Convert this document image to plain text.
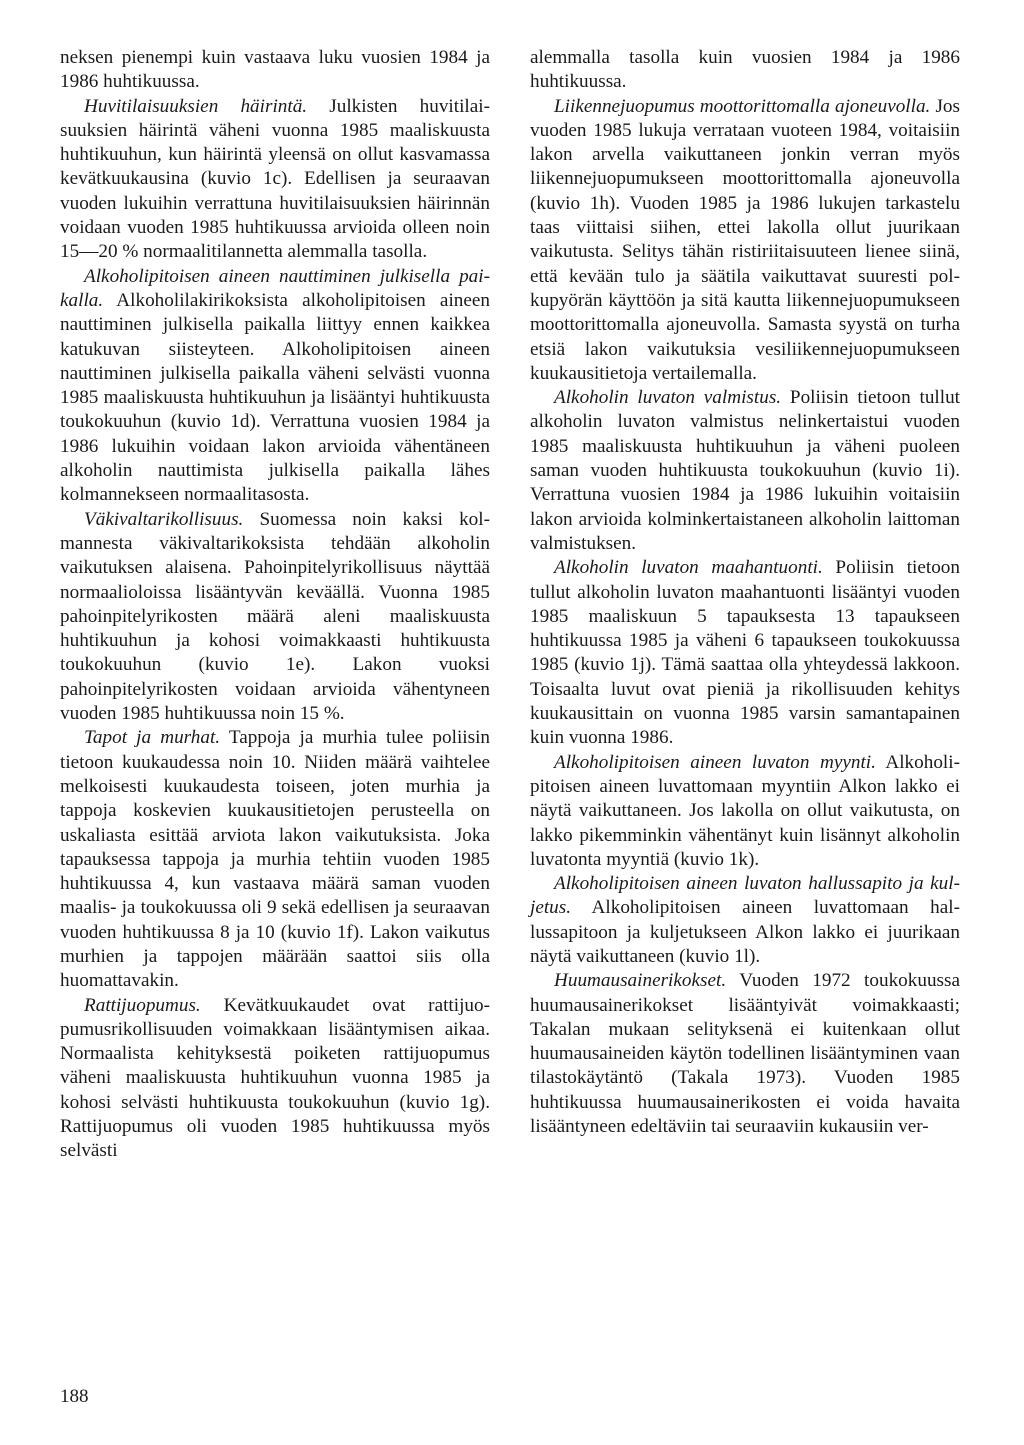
neksen pienempi kuin vastaava luku vuosien 1984 ja 1986 huhtikuussa.

Huvitilaisuuksien häirintä. Julkisten huvitilaisuuksien häirintä väheni vuonna 1985 maaliskuusta huhtikuuhun, kun häirintä yleensä on ollut kasvamassa kevätkuukausina (kuvio 1c). Edellisen ja seuraavan vuoden lukuihin verrattuna huvitilaisuuksien häirinnän voidaan vuoden 1985 huhtikuussa arvioida olleen noin 15—20 % normaalitilannetta alemmalla tasolla.

Alkoholipitoisen aineen nauttiminen julkisella paikalla. Alkoholilakirikoksista alkoholipitoisen aineen nauttiminen julkisella paikalla liittyy ennen kaikkea katukuvan siisteyteen. Alkoholipitoisen aineen nauttiminen julkisella paikalla väheni selvästi vuonna 1985 maaliskuusta huhtikuuhun ja lisääntyi huhtikuusta toukokuuhun (kuvio 1d). Verrattuna vuosien 1984 ja 1986 lukuihin voidaan lakon arvioida vähentäneen alkoholin nauttimista julkisella paikalla lähes kolmannekseen normaalitasosta.

Väkivaltarikollisuus. Suomessa noin kaksi kolmannesta väkivaltarikoksista tehdään alkoholin vaikutuksen alaisena. Pahoinpitelyrikollisuus näyttää normaalioloissa lisääntyvän keväällä. Vuonna 1985 pahoinpitelyrikosten määrä aleni maaliskuusta huhtikuuhun ja kohosi voimakkaasti huhtikuusta toukokuuhun (kuvio 1e). Lakon vuoksi pahoinpitelyrikosten voidaan arvioida vähentyneen vuoden 1985 huhtikuussa noin 15 %.

Tapot ja murhat. Tappoja ja murhia tulee poliisin tietoon kuukaudessa noin 10. Niiden määrä vaihtelee melkoisesti kuukaudesta toiseen, joten murhia ja tappoja koskevien kuukausitietojen perusteella on uskaliasta esittää arviota lakon vaikutuksista. Joka tapauksessa tappoja ja murhia tehtiin vuoden 1985 huhtikuussa 4, kun vastaava määrä saman vuoden maalis- ja toukokuussa oli 9 sekä edellisen ja seuraavan vuoden huhtikuussa 8 ja 10 (kuvio 1f). Lakon vaikutus murhien ja tappojen määrään saattoi siis olla huomattavakin.

Rattijuopumus. Kevätkuukaudet ovat rattijuopumusrikollisuuden voimakkaan lisääntymisen aikaa. Normaalista kehityksestä poiketen rattijuopumus väheni maaliskuusta huhtikuuhun vuonna 1985 ja kohosi selvästi huhtikuusta toukokuuhun (kuvio 1g). Rattijuopumus oli vuoden 1985 huhtikuussa myös selvästi

alemmalla tasolla kuin vuosien 1984 ja 1986 huhtikuussa.

Liikennejuopumus moottorittomalla ajoneuvolla. Jos vuoden 1985 lukuja verrataan vuoteen 1984, voitaisiin lakon arvella vaikuttaneen jonkin verran myös liikennejuopumukseen moottorittomalla ajoneuvolla (kuvio 1h). Vuoden 1985 ja 1986 lukujen tarkastelu taas viittaisi siihen, ettei lakolla ollut juurikaan vaikutusta. Selitys tähän ristiriitaisuuteen lienee siinä, että kevään tulo ja säätila vaikuttavat suuresti polkupyörän käyttöön ja sitä kautta liikennejuopumukseen moottorittomalla ajoneuvolla. Samasta syystä on turha etsiä lakon vaikutuksia vesiliikennejuopumukseen kuukausitietoja vertailemalla.

Alkoholin luvaton valmistus. Poliisin tietoon tullut alkoholin luvaton valmistus nelinkertaistui vuoden 1985 maaliskuusta huhtikuuhun ja väheni puoleen saman vuoden huhtikuusta toukokuuhun (kuvio 1i). Verrattuna vuosien 1984 ja 1986 lukuihin voitaisiin lakon arvioida kolminkertaistaneen alkoholin laittoman valmistuksen.

Alkoholin luvaton maahantuonti. Poliisin tietoon tullut alkoholin luvaton maahantuonti lisääntyi vuoden 1985 maaliskuun 5 tapauksesta 13 tapaukseen huhtikuussa 1985 ja väheni 6 tapaukseen toukokuussa 1985 (kuvio 1j). Tämä saattaa olla yhteydessä lakkoon. Toisaalta luvut ovat pieniä ja rikollisuuden kehitys kuukausittain on vuonna 1985 varsin samantapainen kuin vuonna 1986.

Alkoholipitoisen aineen luvaton myynti. Alkoholipitoisen aineen luvattomaan myyntiin Alkon lakko ei näytä vaikuttaneen. Jos lakolla on ollut vaikutusta, on lakko pikemminkin vähentänyt kuin lisännyt alkoholin luvatonta myyntiä (kuvio 1k).

Alkoholipitoisen aineen luvaton hallussapito ja kuljetus. Alkoholipitoisen aineen luvattomaan hallussapitoon ja kuljetukseen Alkon lakko ei juurikaan näytä vaikuttaneen (kuvio 1l).

Huumausainerikokset. Vuoden 1972 toukokuussa huumausainerikokset lisääntyivät voimakkaasti; Takalan mukaan selityksenä ei kuitenkaan ollut huumausaineiden käytön todellinen lisääntyminen vaan tilastokäytäntö (Takala 1973). Vuoden 1985 huhtikuussa huumausainerikosten ei voida havaita lisääntyneen edeltäviin tai seuraaviin kukausiin ver-

188
